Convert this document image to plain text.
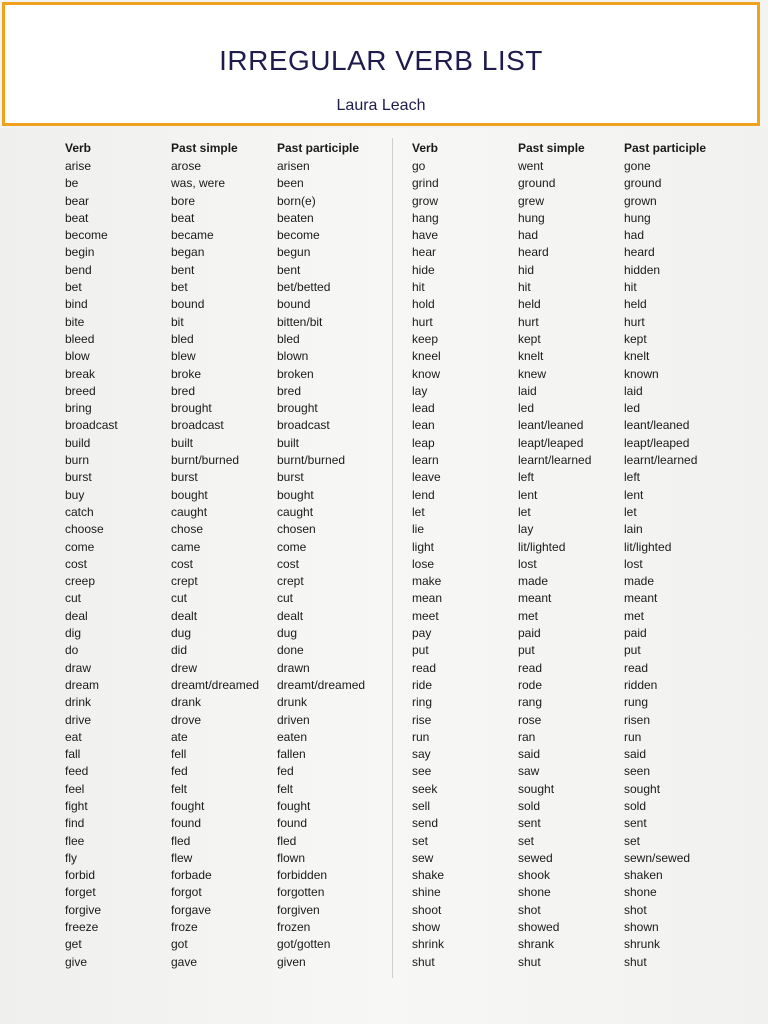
IRREGULAR VERB LIST
Laura Leach
Verb	Past simple	Past participle
arise	arose	arisen
be	was, were	been
bear	bore	born(e)
beat	beat	beaten
become	became	become
begin	began	begun
bend	bent	bent
bet	bet	bet/betted
bind	bound	bound
bite	bit	bitten/bit
bleed	bled	bled
blow	blew	blown
break	broke	broken
breed	bred	bred
bring	brought	brought
broadcast	broadcast	broadcast
build	built	built
burn	burnt/burned	burnt/burned
burst	burst	burst
buy	bought	bought
catch	caught	caught
choose	chose	chosen
come	came	come
cost	cost	cost
creep	crept	crept
cut	cut	cut
deal	dealt	dealt
dig	dug	dug
do	did	done
draw	drew	drawn
dream	dreamt/dreamed	dreamt/dreamed
drink	drank	drunk
drive	drove	driven
eat	ate	eaten
fall	fell	fallen
feed	fed	fed
feel	felt	felt
fight	fought	fought
find	found	found
flee	fled	fled
fly	flew	flown
forbid	forbade	forbidden
forget	forgot	forgotten
forgive	forgave	forgiven
freeze	froze	frozen
get	got	got/gotten
give	gave	given
Verb	Past simple	Past participle
go	went	gone
grind	ground	ground
grow	grew	grown
hang	hung	hung
have	had	had
hear	heard	heard
hide	hid	hidden
hit	hit	hit
hold	held	held
hurt	hurt	hurt
keep	kept	kept
kneel	knelt	knelt
know	knew	known
lay	laid	laid
lead	led	led
lean	leant/leaned	leant/leaned
leap	leapt/leaped	leapt/leaped
learn	learnt/learned	learnt/learned
leave	left	left
lend	lent	lent
let	let	let
lie	lay	lain
light	lit/lighted	lit/lighted
lose	lost	lost
make	made	made
mean	meant	meant
meet	met	met
pay	paid	paid
put	put	put
read	read	read
ride	rode	ridden
ring	rang	rung
rise	rose	risen
run	ran	run
say	said	said
see	saw	seen
seek	sought	sought
sell	sold	sold
send	sent	sent
set	set	set
sew	sewed	sewn/sewed
shake	shook	shaken
shine	shone	shone
shoot	shot	shot
show	showed	shown
shrink	shrank	shrunk
shut	shut	shut
